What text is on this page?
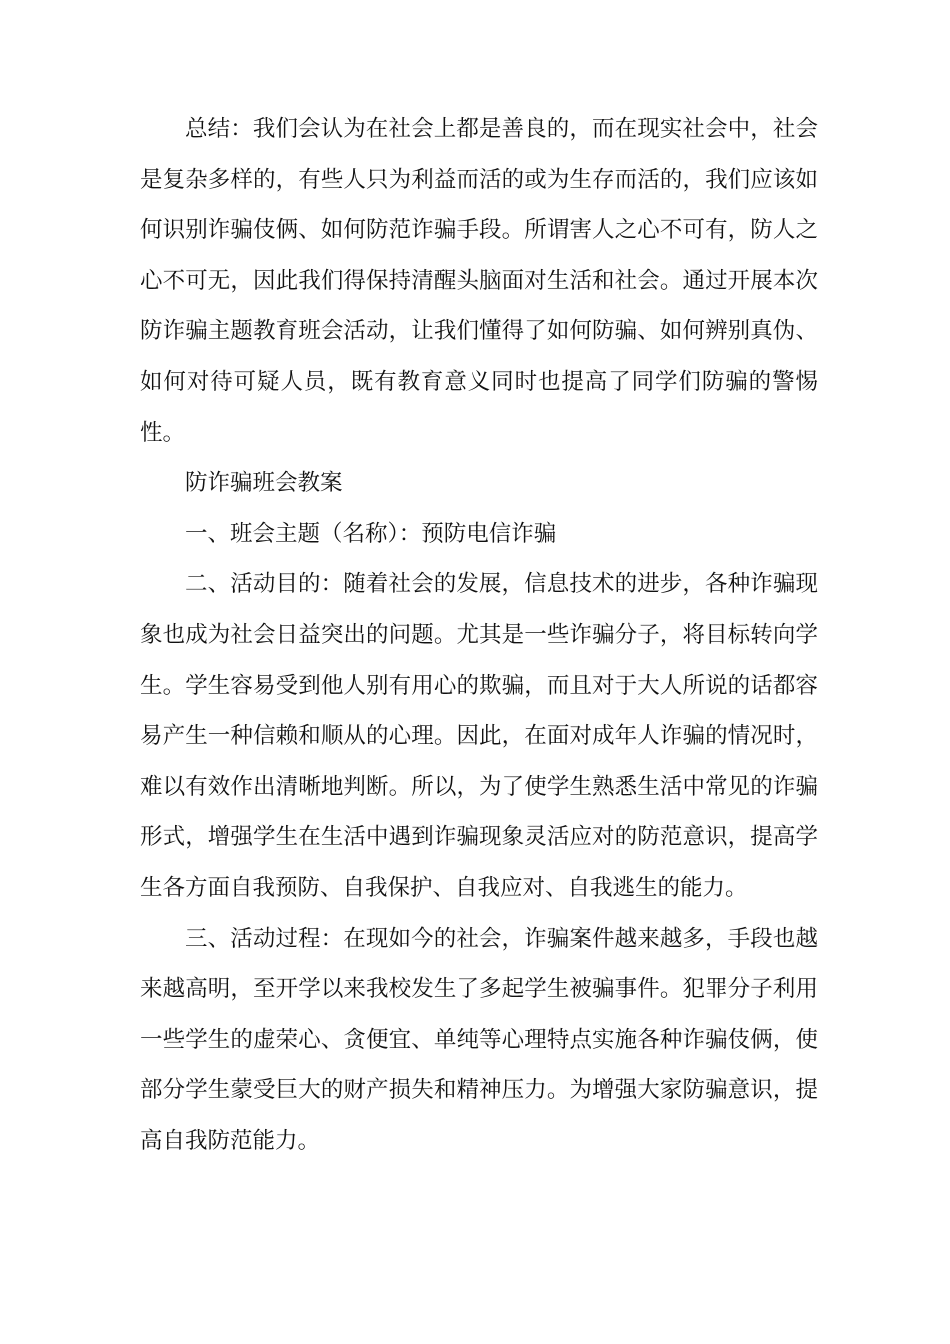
总结：我们会认为在社会上都是善良的，而在现实社会中，社会是复杂多样的，有些人只为利益而活的或为生存而活的，我们应该如何识别诈骗伎俩、如何防范诈骗手段。所谓害人之心不可有，防人之心不可无，因此我们得保持清醒头脑面对生活和社会。通过开展本次防诈骗主题教育班会活动，让我们懂得了如何防骗、如何辨别真伪、如何对待可疑人员，既有教育意义同时也提高了同学们防骗的警惕性。

防诈骗班会教案

一、班会主题（名称）：预防电信诈骗

二、活动目的：随着社会的发展，信息技术的进步，各种诈骗现象也成为社会日益突出的问题。尤其是一些诈骗分子，将目标转向学生。学生容易受到他人别有用心的欺骗，而且对于大人所说的话都容易产生一种信赖和顺从的心理。因此，在面对成年人诈骗的情况时，难以有效作出清晰地判断。所以，为了使学生熟悉生活中常见的诈骗形式，增强学生在生活中遇到诈骗现象灵活应对的防范意识，提高学生各方面自我预防、自我保护、自我应对、自我逃生的能力。

三、活动过程：在现如今的社会，诈骗案件越来越多，手段也越来越高明，至开学以来我校发生了多起学生被骗事件。犯罪分子利用一些学生的虚荣心、贪便宜、单纯等心理特点实施各种诈骗伎俩，使部分学生蒙受巨大的财产损失和精神压力。为增强大家防骗意识，提高自我防范能力。
